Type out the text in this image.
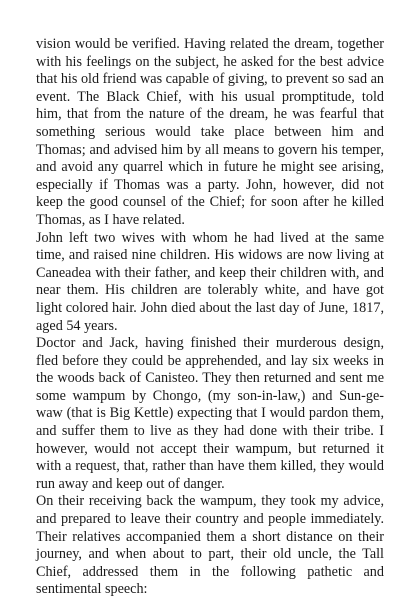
vision would be verified. Having related the dream, together with his feelings on the subject, he asked for the best advice that his old friend was capable of giving, to prevent so sad an event. The Black Chief, with his usual promptitude, told him, that from the nature of the dream, he was fearful that something serious would take place between him and Thomas; and advised him by all means to govern his temper, and avoid any quarrel which in future he might see arising, especially if Thomas was a party. John, however, did not keep the good counsel of the Chief; for soon after he killed Thomas, as I have related.

John left two wives with whom he had lived at the same time, and raised nine children. His widows are now living at Caneadea with their father, and keep their children with, and near them. His children are tolerably white, and have got light colored hair. John died about the last day of June, 1817, aged 54 years.

Doctor and Jack, having finished their murderous design, fled before they could be apprehended, and lay six weeks in the woods back of Canisteo. They then returned and sent me some wampum by Chongo, (my son-in-law,) and Sun-ge-waw (that is Big Kettle) expecting that I would pardon them, and suffer them to live as they had done with their tribe. I however, would not accept their wampum, but returned it with a request, that, rather than have them killed, they would run away and keep out of danger.

On their receiving back the wampum, they took my advice, and prepared to leave their country and people immediately. Their relatives accompanied them a short distance on their journey, and when about to part, their old uncle, the Tall Chief, addressed them in the following pathetic and sentimental speech:
